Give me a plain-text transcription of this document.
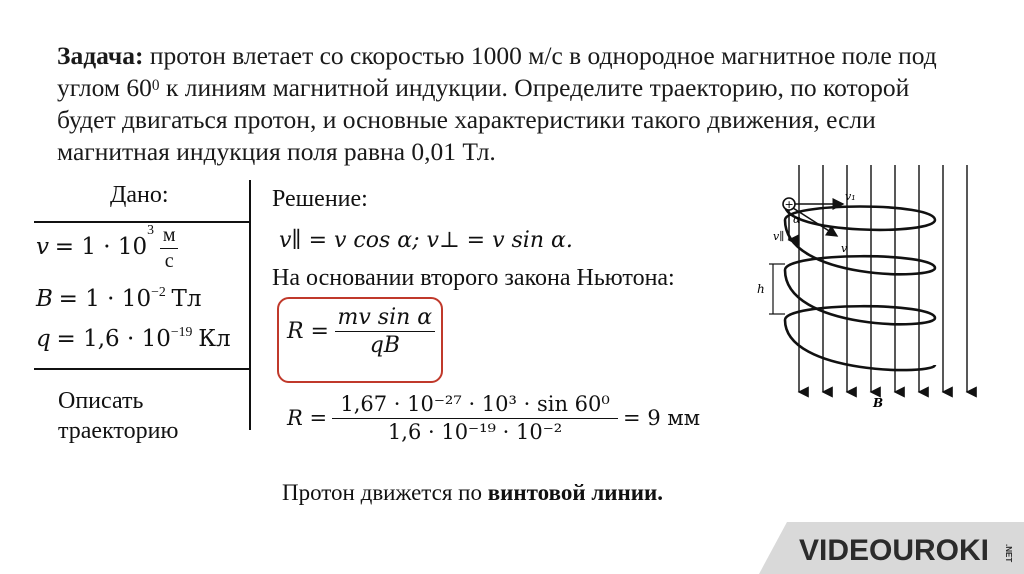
Задача: протон влетает со скоростью 1000 м/с в однородное магнитное поле под углом $60^0$ к линиям магнитной индукции. Определите траекторию, по которой будет двигаться протон, и основные характеристики такого движения, если магнитная индукция поля равна 0,01 Тл.
Дано:
$v = 1 \cdot 10^3 \frac{м}{с}$
$B = 1 \cdot 10^{-2}$ Тл
$q = 1,6 \cdot 10^{-19}$ Кл
Описать
траекторию
Решение:
v∥ = v cos α; v⊥ = v sin α.
На основании второго закона Ньютона:
$R = \frac{\text{mv sin α}}{qB}$
$R = \frac{\text{1,67 · 10⁻²⁷ · 10³ · sin 60⁰}}{\text{1,6 · 10⁻¹⁹ · 10⁻²}} = 9$ мм
Протон движется по винтовой линии.
h
+
v₁
α
v∥
v
B
VIDEOUROKI .NET
